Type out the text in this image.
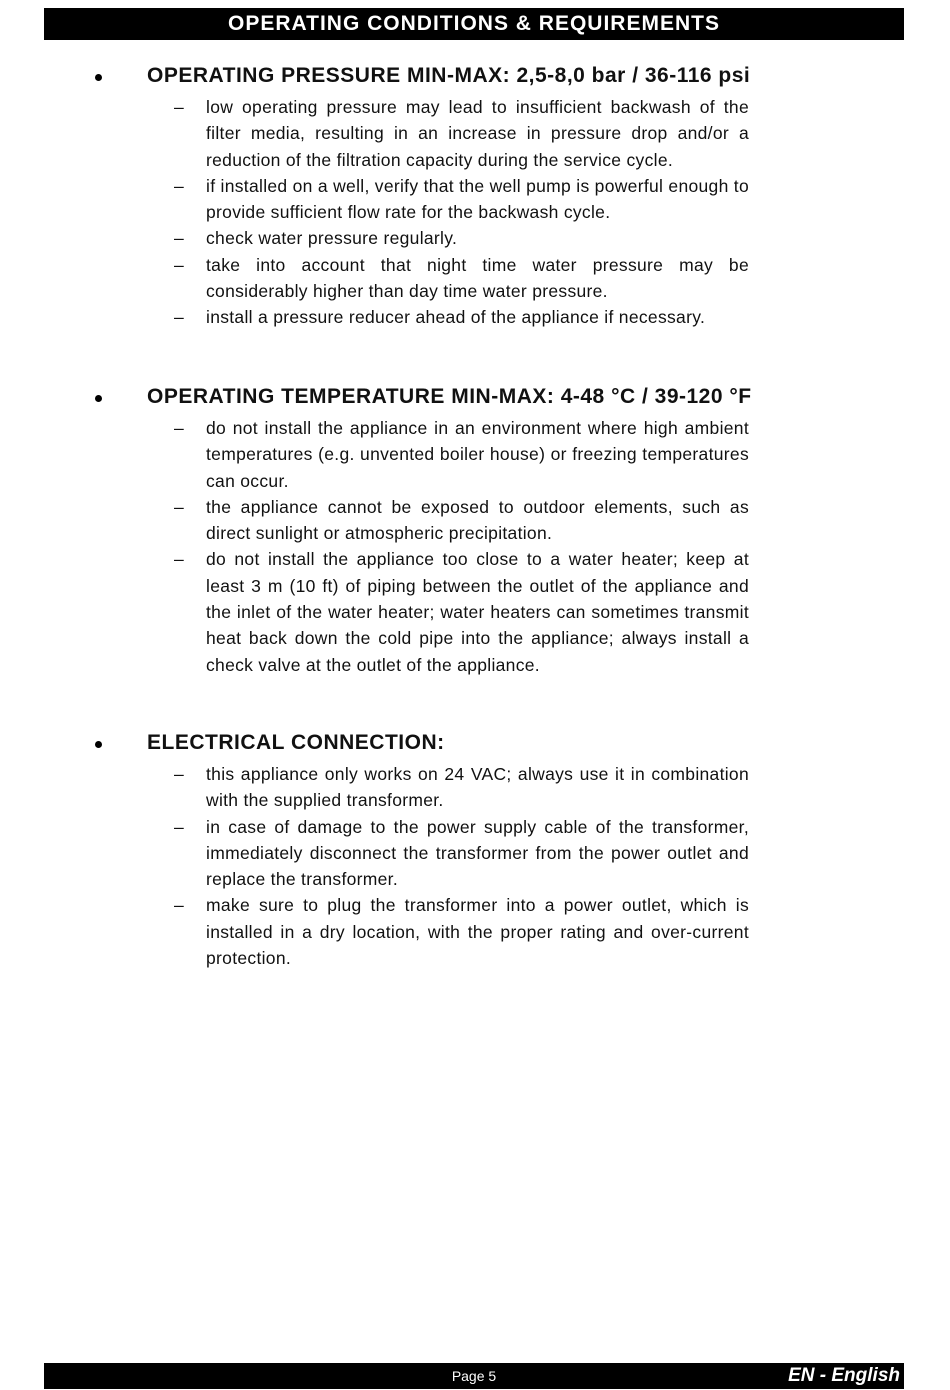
OPERATING CONDITIONS & REQUIREMENTS
OPERATING PRESSURE MIN-MAX: 2,5-8,0 bar / 36-116 psi
– low operating pressure may lead to insufficient backwash of the filter media, resulting in an increase in pressure drop and/or a reduction of the filtration capacity during the service cycle.
– if installed on a well, verify that the well pump is powerful enough to provide sufficient flow rate for the backwash cycle.
– check water pressure regularly.
– take into account that night time water pressure may be considerably higher than day time water pressure.
– install a pressure reducer ahead of the appliance if necessary.
OPERATING TEMPERATURE MIN-MAX: 4-48 °C / 39-120 °F
– do not install the appliance in an environment where high ambient temperatures (e.g. unvented boiler house) or freezing temperatures can occur.
– the appliance cannot be exposed to outdoor elements, such as direct sunlight or atmospheric precipitation.
– do not install the appliance too close to a water heater; keep at least 3 m (10 ft) of piping between the outlet of the appliance and the inlet of the water heater; water heaters can sometimes transmit heat back down the cold pipe into the appliance; always install a check valve at the outlet of the appliance.
ELECTRICAL CONNECTION:
– this appliance only works on 24 VAC; always use it in combination with the supplied transformer.
– in case of damage to the power supply cable of the transformer, immediately disconnect the transformer from the power outlet and replace the transformer.
– make sure to plug the transformer into a power outlet, which is installed in a dry location, with the proper rating and over-current protection.
Page 5	EN - English
